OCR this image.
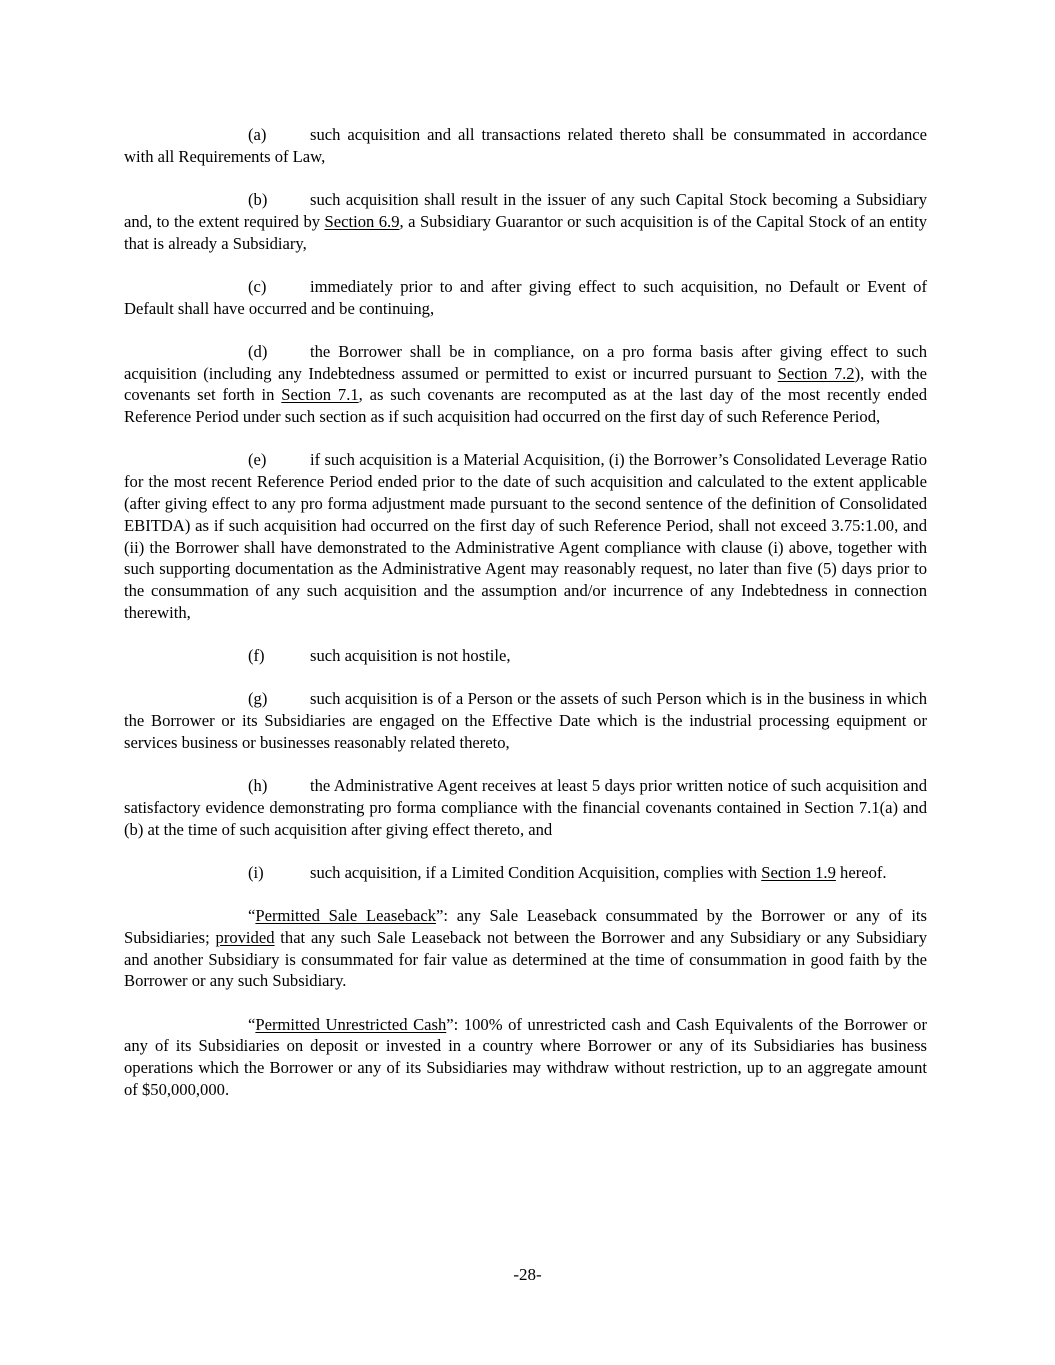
(a)	such acquisition and all transactions related thereto shall be consummated in accordance with all Requirements of Law,

(b)	such acquisition shall result in the issuer of any such Capital Stock becoming a Subsidiary and, to the extent required by Section 6.9, a Subsidiary Guarantor or such acquisition is of the Capital Stock of an entity that is already a Subsidiary,

(c)	immediately prior to and after giving effect to such acquisition, no Default or Event of Default shall have occurred and be continuing,

(d)	the Borrower shall be in compliance, on a pro forma basis after giving effect to such acquisition (including any Indebtedness assumed or permitted to exist or incurred pursuant to Section 7.2), with the covenants set forth in Section 7.1, as such covenants are recomputed as at the last day of the most recently ended Reference Period under such section as if such acquisition had occurred on the first day of such Reference Period,

(e)	if such acquisition is a Material Acquisition, (i) the Borrower’s Consolidated Leverage Ratio for the most recent Reference Period ended prior to the date of such acquisition and calculated to the extent applicable (after giving effect to any pro forma adjustment made pursuant to the second sentence of the definition of Consolidated EBITDA) as if such acquisition had occurred on the first day of such Reference Period, shall not exceed 3.75:1.00, and (ii) the Borrower shall have demonstrated to the Administrative Agent compliance with clause (i) above, together with such supporting documentation as the Administrative Agent may reasonably request, no later than five (5) days prior to the consummation of any such acquisition and the assumption and/or incurrence of any Indebtedness in connection therewith,

(f)	such acquisition is not hostile,

(g)	such acquisition is of a Person or the assets of such Person which is in the business in which the Borrower or its Subsidiaries are engaged on the Effective Date which is the industrial processing equipment or services business or businesses reasonably related thereto,

(h)	the Administrative Agent receives at least 5 days prior written notice of such acquisition and satisfactory evidence demonstrating pro forma compliance with the financial covenants contained in Section 7.1(a) and (b) at the time of such acquisition after giving effect thereto, and

(i)	such acquisition, if a Limited Condition Acquisition, complies with Section 1.9 hereof.

“Permitted Sale Leaseback”: any Sale Leaseback consummated by the Borrower or any of its Subsidiaries; provided that any such Sale Leaseback not between the Borrower and any Subsidiary or any Subsidiary and another Subsidiary is consummated for fair value as determined at the time of consummation in good faith by the Borrower or any such Subsidiary.

“Permitted Unrestricted Cash”: 100% of unrestricted cash and Cash Equivalents of the Borrower or any of its Subsidiaries on deposit or invested in a country where Borrower or any of its Subsidiaries has business operations which the Borrower or any of its Subsidiaries may withdraw without restriction, up to an aggregate amount of $50,000,000.

-28-
